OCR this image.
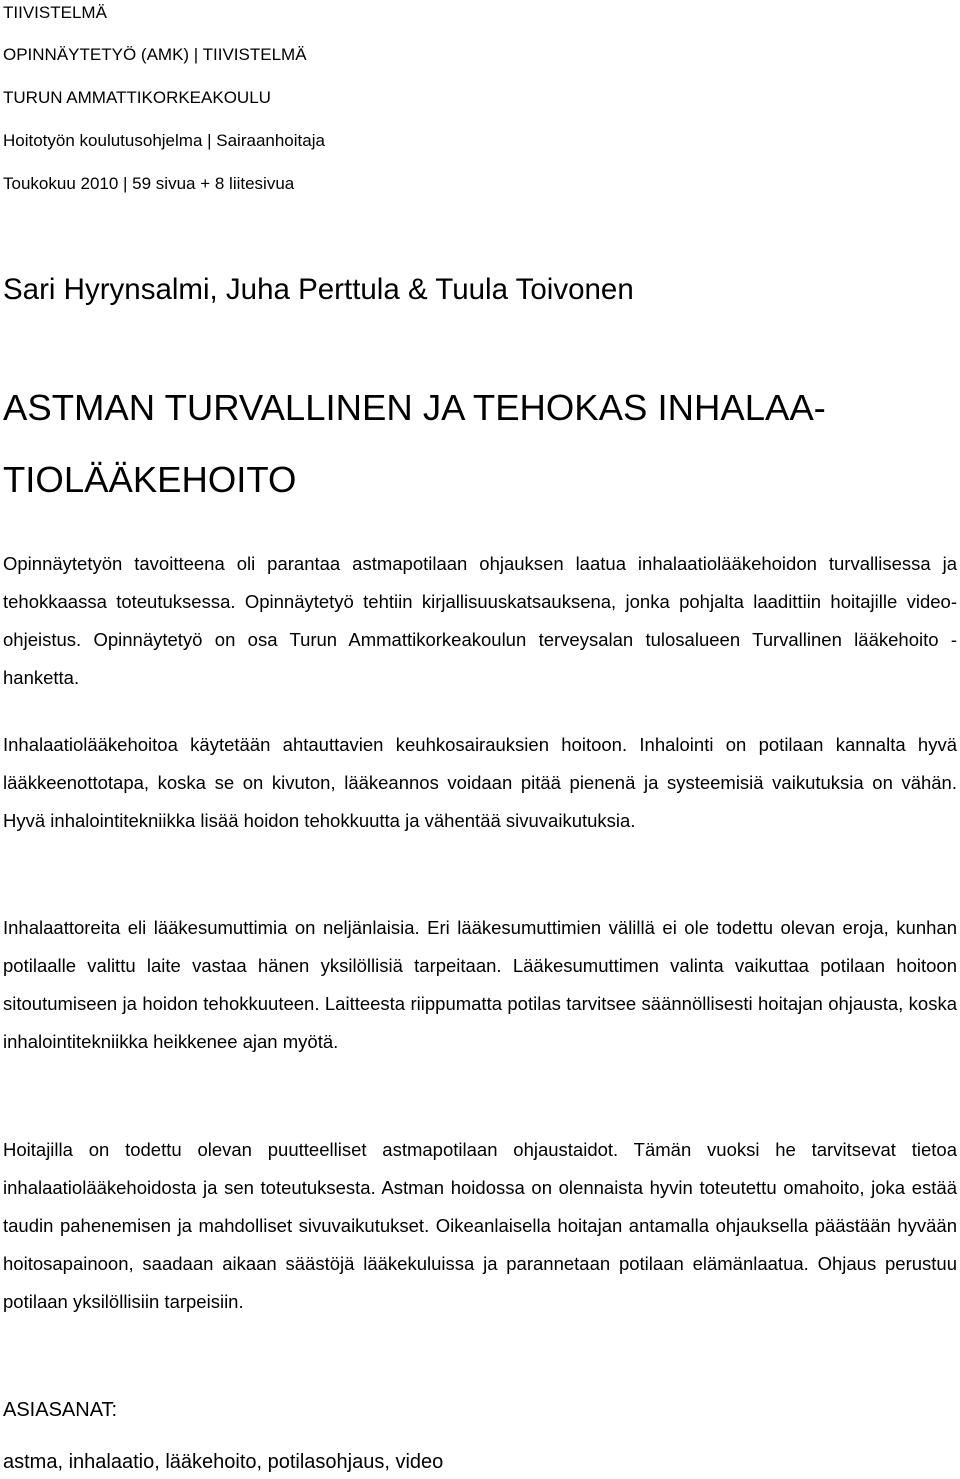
TIIVISTELMÄ
OPINNÄYTETYÖ (AMK) | TIIVISTELMÄ
TURUN AMMATTIKORKEAKOULU
Hoitotyön koulutusohjelma | Sairaanhoitaja
Toukokuu 2010 | 59 sivua + 8 liitesivua
Sari Hyrynsalmi, Juha Perttula & Tuula Toivonen
ASTMAN TURVALLINEN JA TEHOKAS INHALAA-
TIOLÄÄKEHOITO

Opinnäytetyön tavoitteena oli parantaa astmapotilaan ohjauksen laatua inhalaatiolääkehoidon turvallisessa ja tehokkaassa toteutuksessa. Opinnäytetyö tehtiin kirjallisuuskatsauksena, jonka pohjalta laadittiin hoitajille video-ohjeistus. Opinnäytetyö on osa Turun Ammattikorkeakoulun terveysalan tulosalueen Turvallinen lääkehoito - hanketta.

Inhalaatiolääkehoitoa käytetään ahtauttavien keuhkosairauksien hoitoon. Inhalointi on potilaan kannalta hyvä lääkkeenottotapa, koska se on kivuton, lääkeannos voidaan pitää pienenä ja systeemisiä vaikutuksia on vähän. Hyvä inhalointitekniikka lisää hoidon tehokkuutta ja vähentää sivuvaikutuksia.

Inhalaattoreita eli lääkesumuttimia on neljänlaisia. Eri lääkesumuttimien välillä ei ole todettu olevan eroja, kunhan potilaalle valittu laite vastaa hänen yksilöllisiä tarpeitaan. Lääkesumuttimen valinta vaikuttaa potilaan hoitoon sitoutumiseen ja hoidon tehokkuuteen. Laitteesta riippumatta potilas tarvitsee säännöllisesti hoitajan ohjausta, koska inhalointitekniikka heikkenee ajan myötä.

Hoitajilla on todettu olevan puutteelliset astmapotilaan ohjaustaidot. Tämän vuoksi he tarvitsevat tietoa inhalaatiolääkehoidosta ja sen toteutuksesta. Astman hoidossa on olennaista hyvin toteutettu omahoito, joka estää taudin pahenemisen ja mahdolliset sivuvaikutukset. Oikeanlaisella hoitajan antamalla ohjauksella päästään hyvään hoitosapainoon, saadaan aikaan säästöjä lääkekuluissa ja parannetaan potilaan elämänlaatua. Ohjaus perustuu potilaan yksilöllisiin tarpeisiin.

ASIASANAT:
astma, inhalaatio, lääkehoito, potilasohjaus, video
